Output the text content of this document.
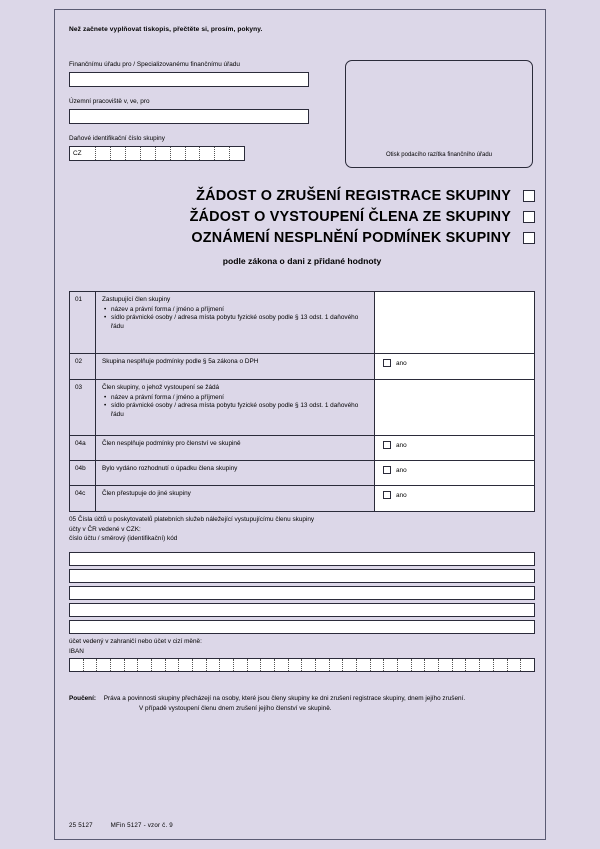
Než začnete vyplňovat tiskopis, přečtěte si, prosím, pokyny.
Finančnímu úřadu pro / Specializovanému finančnímu úřadu
Územní pracoviště v, ve, pro
Daňové identifikační číslo skupiny
CZ	Otisk podacího razítka finančního úřadu
ŽÁDOST O ZRUŠENÍ REGISTRACE SKUPINY
ŽÁDOST O VYSTOUPENÍ ČLENA ZE SKUPINY
OZNÁMENÍ NESPLNĚNÍ PODMÍNEK SKUPINY
podle zákona o dani z přidané hodnoty
01	Zastupující člen skupiny
• název a právní forma / jméno a příjmení
• sídlo právnické osoby / adresa místa pobytu fyzické osoby podle § 13 odst. 1 daňového řádu
02	Skupina nesplňuje podmínky podle § 5a zákona o DPH	ano
03	Člen skupiny, o jehož vystoupení se žádá
• název a právní forma / jméno a příjmení
• sídlo právnické osoby / adresa místa pobytu fyzické osoby podle § 13 odst. 1 daňového řádu
04a	Člen nesplňuje podmínky pro členství ve skupině	ano
04b	Bylo vydáno rozhodnutí o úpadku člena skupiny	ano
04c	Člen přestupuje do jiné skupiny	ano
05 Čísla účtů u poskytovatelů platebních služeb náležející vystupujícímu členu skupiny
účty v ČR vedené v CZK:
číslo účtu / směrový (identifikační) kód
účet vedený v zahraničí nebo účet v cizí měně:
IBAN
Poučení: Práva a povinnosti skupiny přecházejí na osoby, které jsou členy skupiny ke dni zrušení registrace skupiny, dnem jejího zrušení.
V případě vystoupení členu dnem zrušení jejího členství ve skupině.
25 5127	MFin 5127 - vzor č. 9
